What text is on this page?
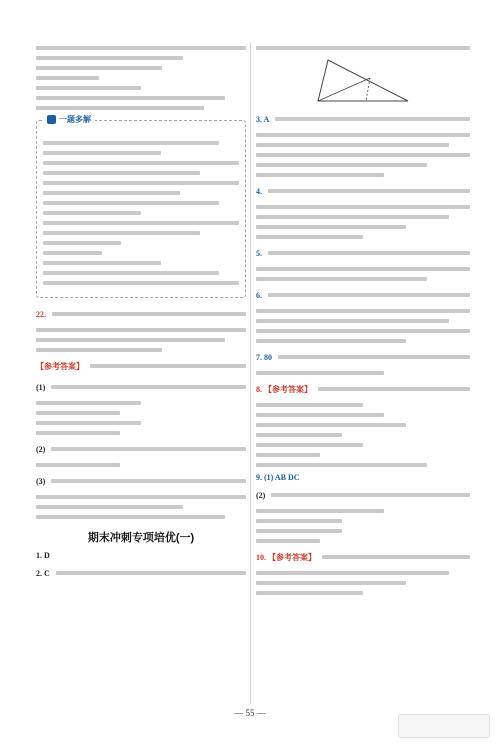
一题多解
22.
【参考答案】
(1)
(2)
(3)
期末冲刺专项培优(一)
1. D
2. C
3. A
4.
5.
6.
7. 80
8. 【参考答案】
9. (1) AB DC
(2)
10. 【参考答案】
— 55 —
